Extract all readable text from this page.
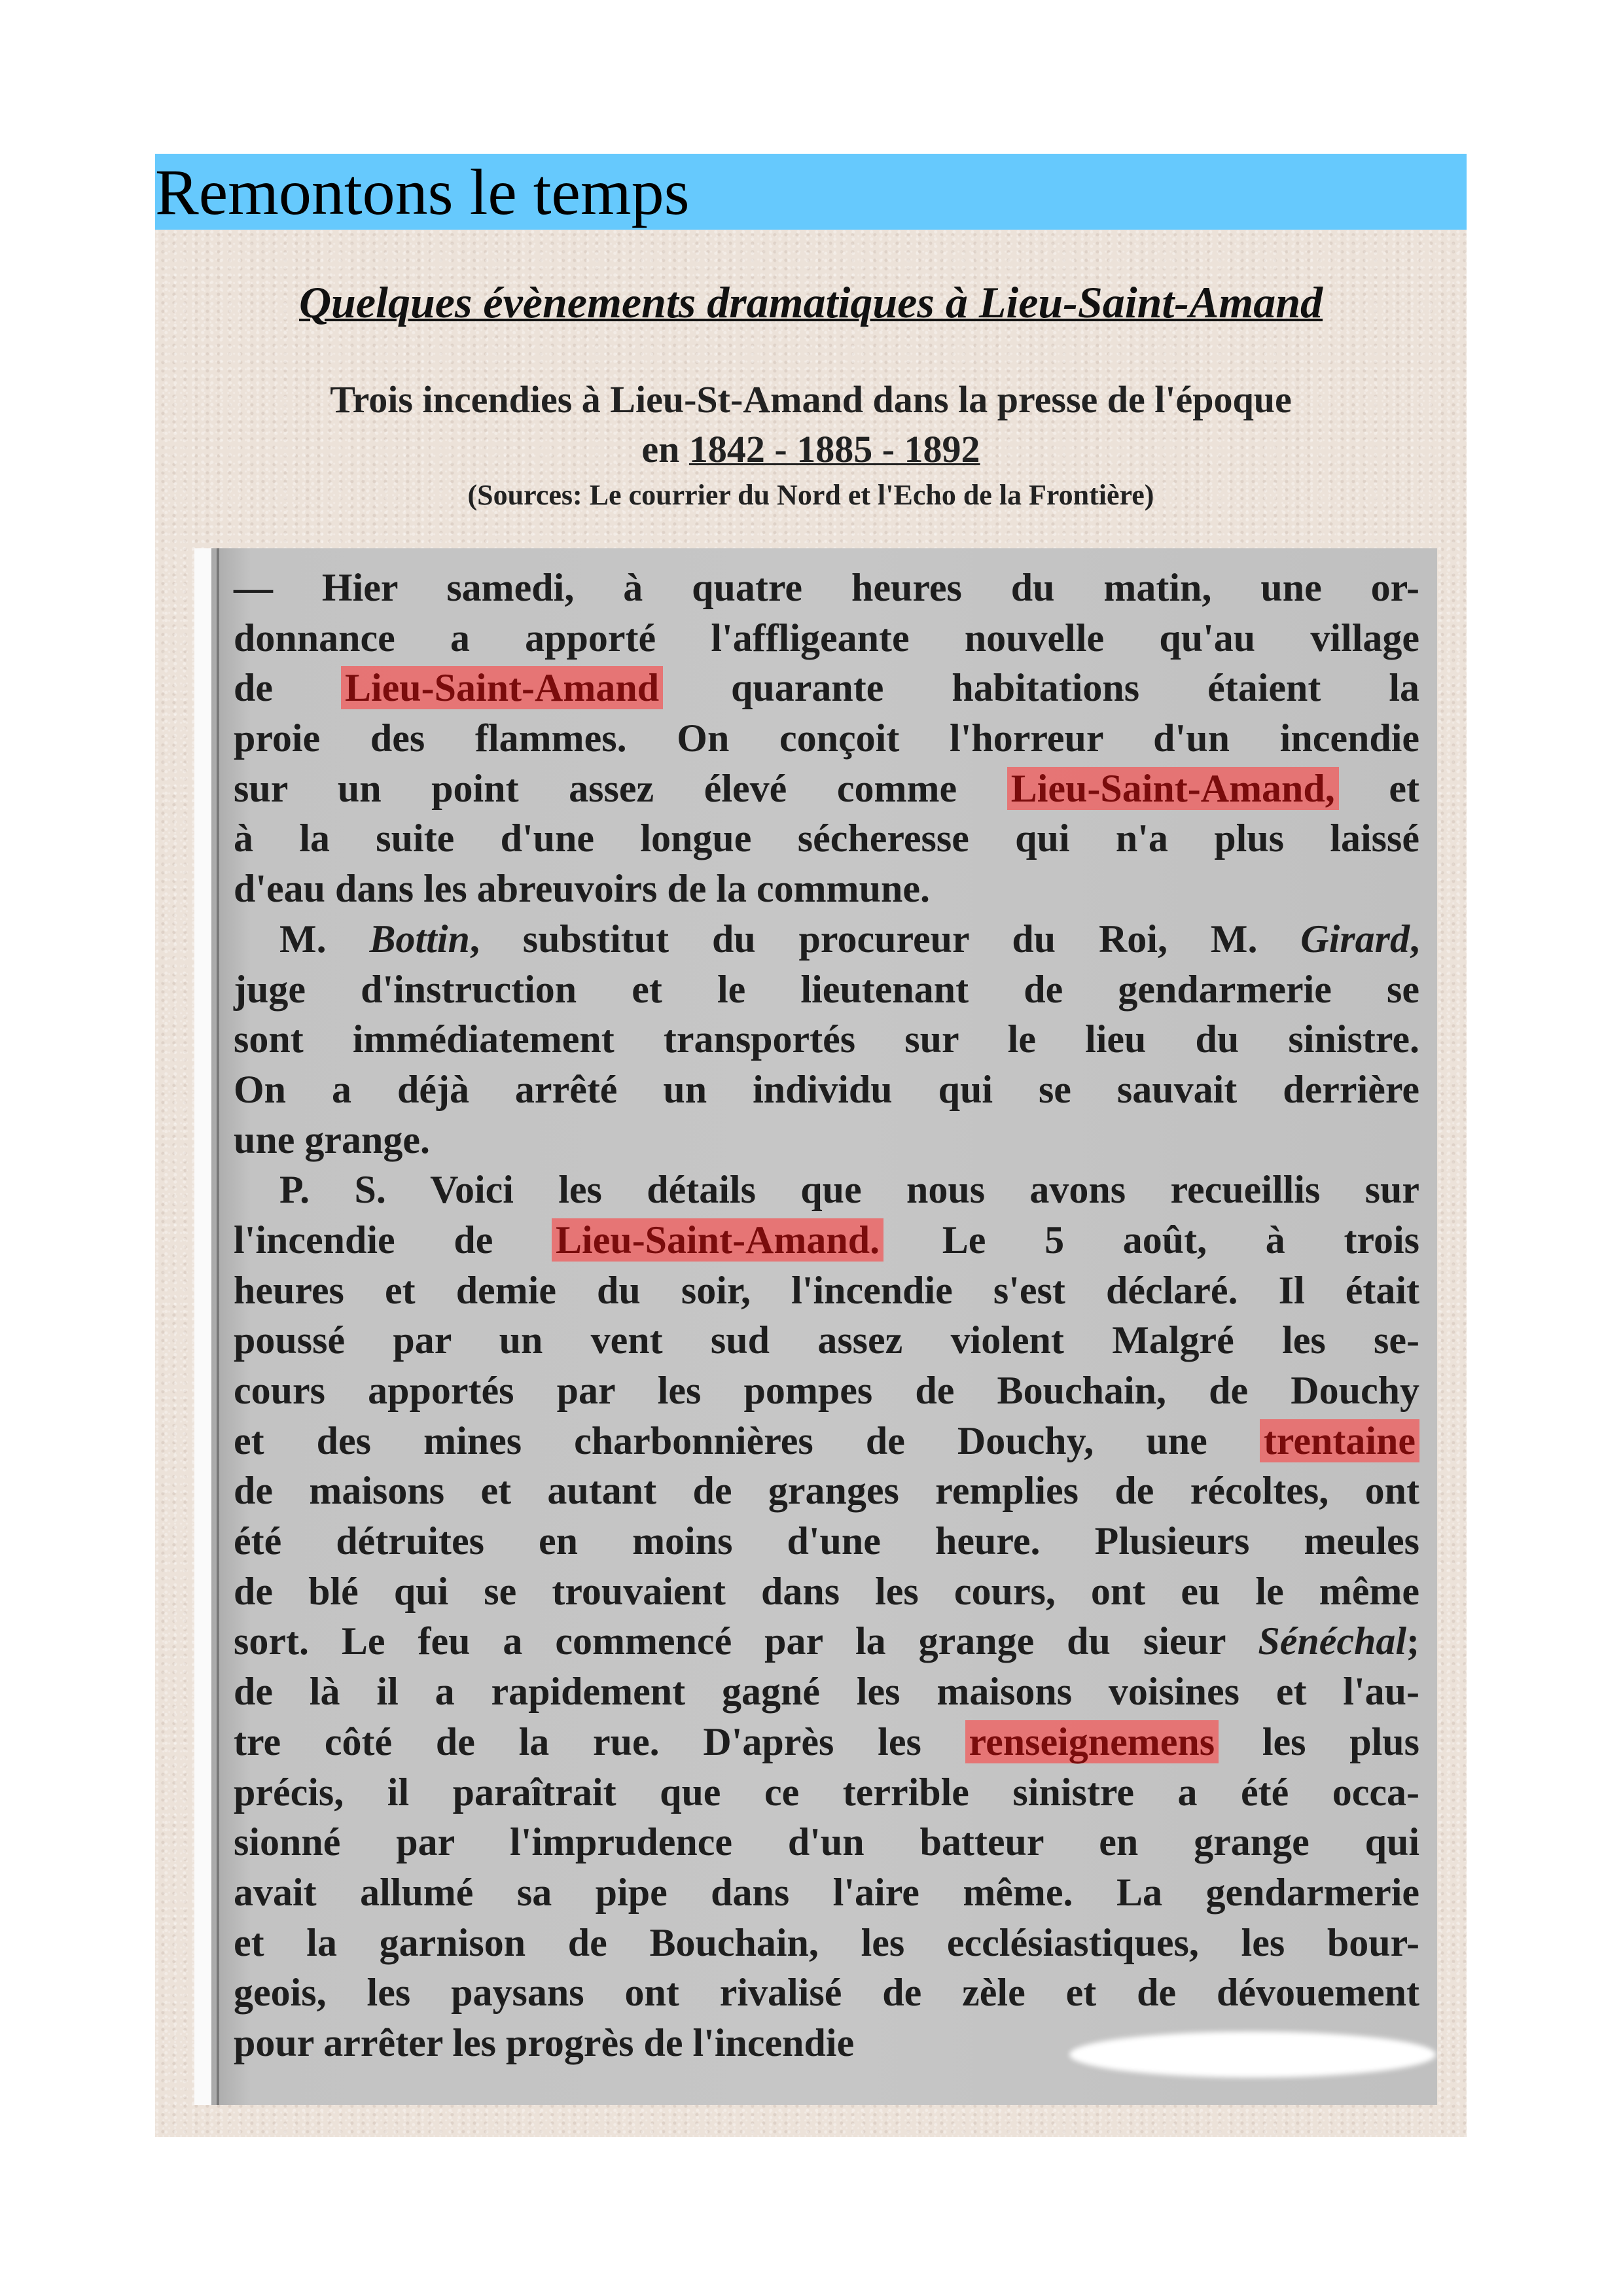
Remontons le temps
Quelques évènements dramatiques à Lieu-Saint-Amand
Trois incendies à Lieu-St-Amand dans la presse de l'époque
en 1842 - 1885 - 1892
(Sources: Le courrier du Nord et l'Echo de la Frontière)
— Hier samedi, à quatre heures du matin, une or-
donnance a apporté l'affligeante nouvelle qu'au village
de Lieu-Saint-Amand quarante habitations étaient la
proie des flammes. On conçoit l'horreur d'un incendie
sur un point assez élevé comme Lieu-Saint-Amand, et
à la suite d'une longue sécheresse qui n'a plus laissé
d'eau dans les abreuvoirs de la commune.
M. Bottin, substitut du procureur du Roi, M. Girard,
juge d'instruction et le lieutenant de gendarmerie se
sont immédiatement transportés sur le lieu du sinistre.
On a déjà arrêté un individu qui se sauvait derrière
une grange.
P. S. Voici les détails que nous avons recueillis sur
l'incendie de Lieu-Saint-Amand. Le 5 août, à trois
heures et demie du soir, l'incendie s'est déclaré. Il était
poussé par un vent sud assez violent Malgré les se-
cours apportés par les pompes de Bouchain, de Douchy
et des mines charbonnières de Douchy, une trentaine
de maisons et autant de granges remplies de récoltes, ont
été détruites en moins d'une heure. Plusieurs meules
de blé qui se trouvaient dans les cours, ont eu le même
sort. Le feu a commencé par la grange du sieur Sénéchal;
de là il a rapidement gagné les maisons voisines et l'au-
tre côté de la rue. D'après les renseignemens les plus
précis, il paraîtrait que ce terrible sinistre a été occa-
sionné par l'imprudence d'un batteur en grange qui
avait allumé sa pipe dans l'aire même. La gendarmerie
et la garnison de Bouchain, les ecclésiastiques, les bour-
geois, les paysans ont rivalisé de zèle et de dévouement
pour arrêter les progrès de l'incendie
